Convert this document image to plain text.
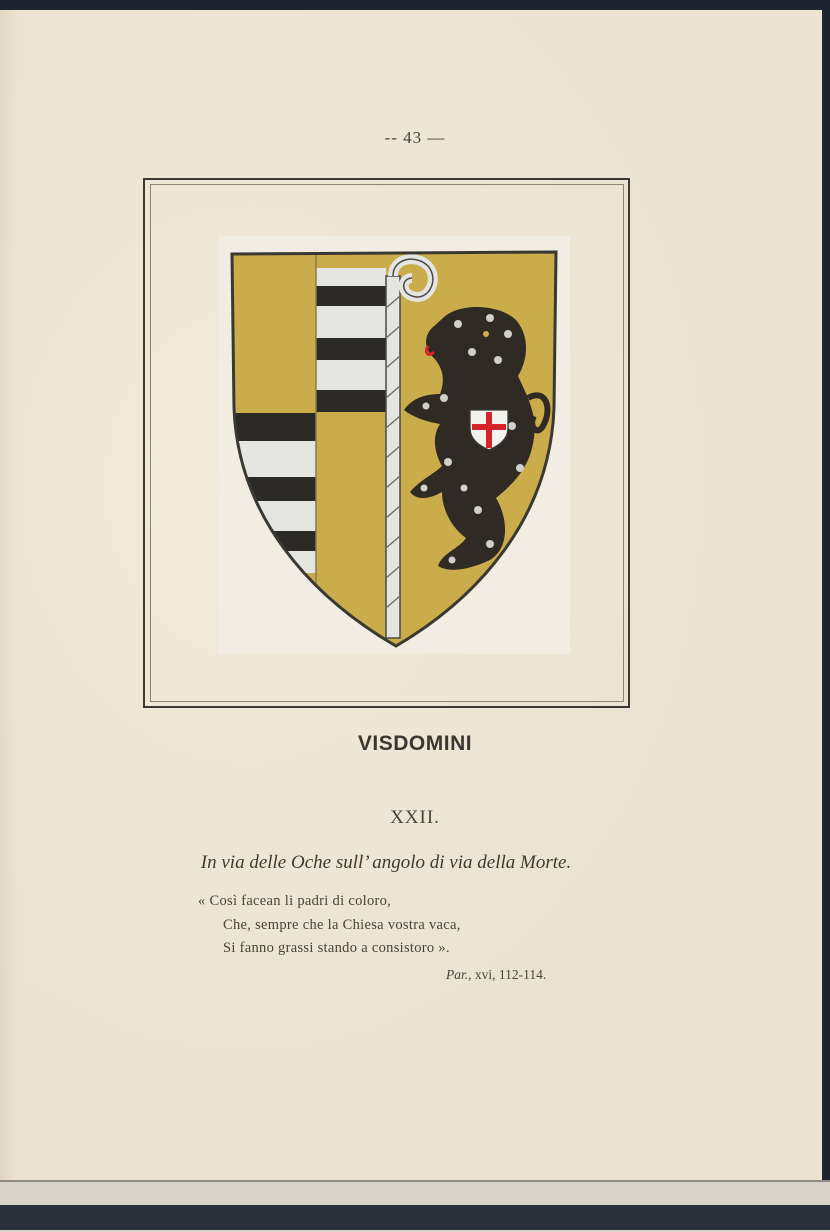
-- 43 —
VISDOMINI
XXII.
In via delle Oche sull’ angolo di via della Morte.
« Così facean li padri di coloro,
Che, sempre che la Chiesa vostra vaca,
Si fanno grassi stando a consistoro ».
Par., xvi, 112-114.
